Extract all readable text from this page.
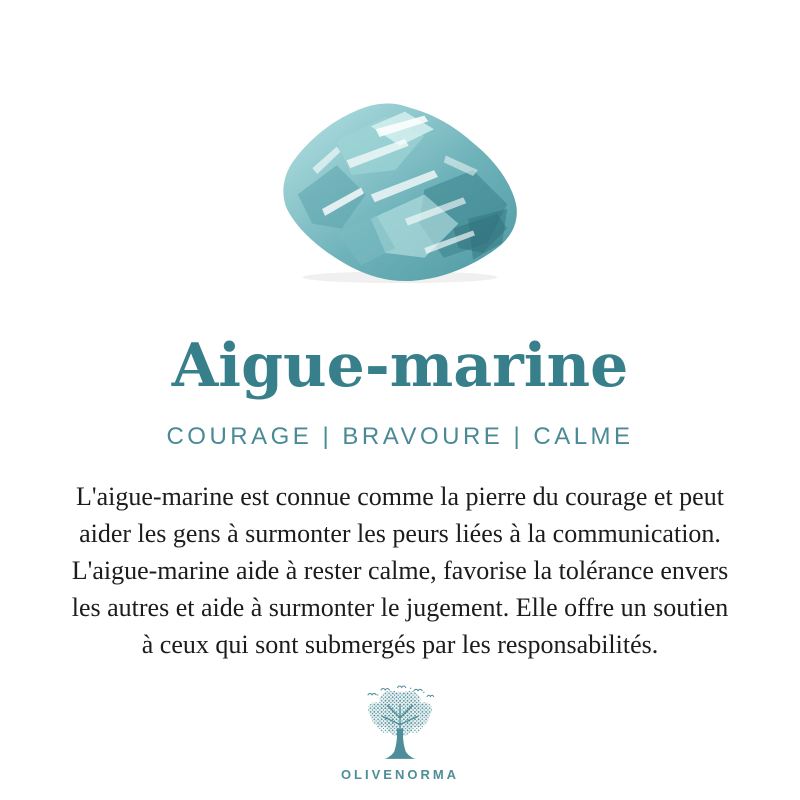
Aigue-marine
COURAGE | BRAVOURE | CALME
L'aigue-marine est connue comme la pierre du courage et peut
aider les gens à surmonter les peurs liées à la communication.
L'aigue-marine aide à rester calme, favorise la tolérance envers
les autres et aide à surmonter le jugement. Elle offre un soutien
à ceux qui sont submergés par les responsabilités.
OLIVENORMA
